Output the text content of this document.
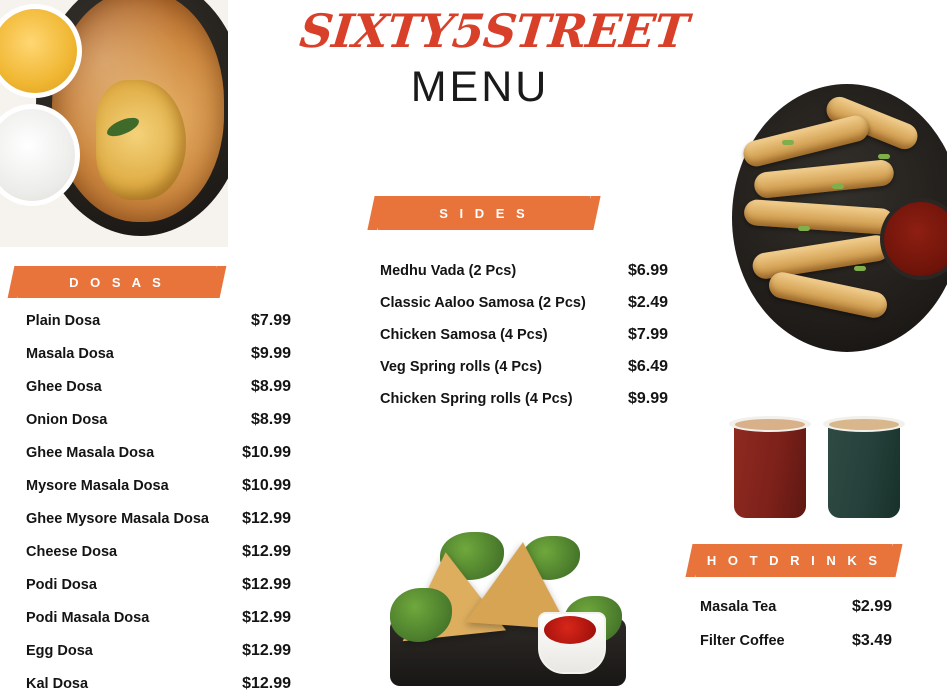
SIXTY5STREET
MENU
D O S A S
Plain Dosa	$7.99
Masala Dosa	$9.99
Ghee Dosa	$8.99
Onion Dosa	$8.99
Ghee Masala Dosa	$10.99
Mysore Masala Dosa	$10.99
Ghee Mysore Masala Dosa	$12.99
Cheese Dosa	$12.99
Podi Dosa	$12.99
Podi Masala Dosa	$12.99
Egg Dosa	$12.99
Kal Dosa	$12.99
S I D E S
Medhu Vada (2 Pcs)	$6.99
Classic Aaloo Samosa (2 Pcs)	$2.49
Chicken Samosa (4 Pcs)	$7.99
Veg Spring rolls (4 Pcs)	$6.49
Chicken Spring rolls (4 Pcs)	$9.99
H O T D R I N K S
Masala Tea	$2.99
Filter Coffee	$3.49
